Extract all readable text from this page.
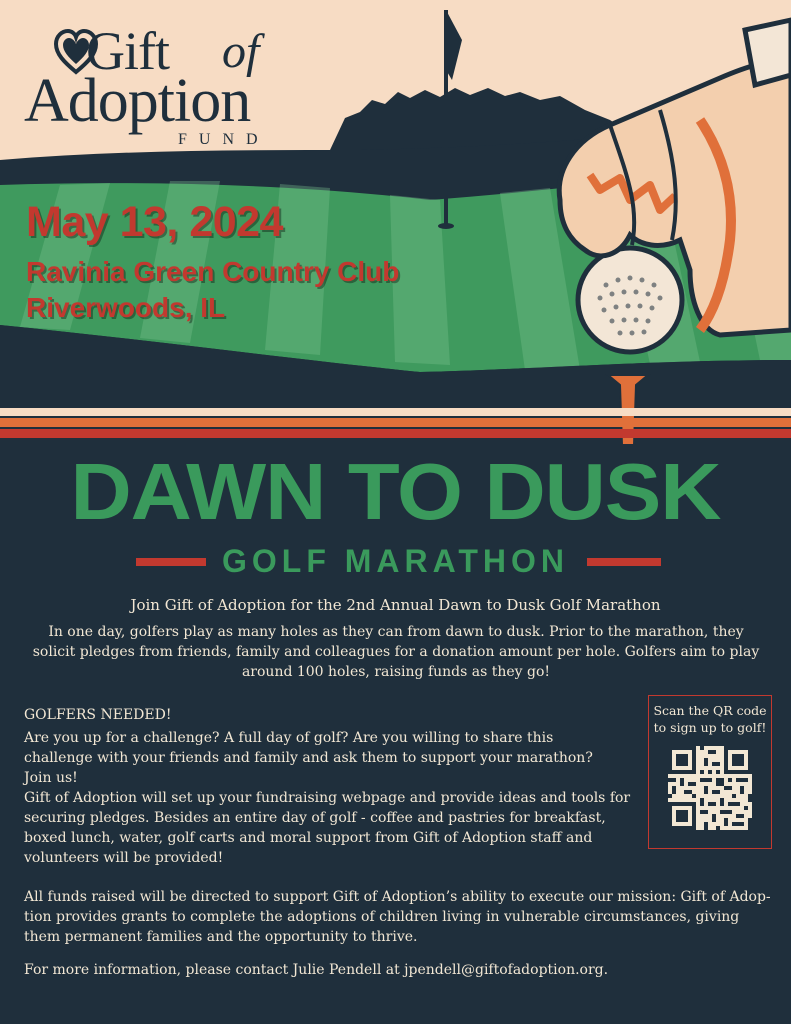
Gift of
Adoption
FUND
May 13, 2024
Ravinia Green Country Club
Riverwoods, IL
DAWN TO DUSK
GOLF MARATHON
Join Gift of Adoption for the 2nd Annual Dawn to Dusk Golf Marathon
In one day, golfers play as many holes as they can from dawn to dusk. Prior to the marathon, they solicit pledges from friends, family and colleagues for a donation amount per hole. Golfers aim to play around 100 holes, raising funds as they go!
GOLFERS NEEDED!
Are you up for a challenge? A full day of golf? Are you willing to share this challenge with your friends and family and ask them to support your marathon? Join us!
Gift of Adoption will set up your fundraising webpage and provide ideas and tools for securing pledges. Besides an entire day of golf - coffee and pastries for breakfast, boxed lunch, water, golf carts and moral support from Gift of Adoption staff and volunteers will be provided!
All funds raised will be directed to support Gift of Adoption’s ability to execute our mission: Gift of Adop-tion provides grants to complete the adoptions of children living in vulnerable circumstances, giving them permanent families and the opportunity to thrive.
For more information, please contact Julie Pendell at jpendell@giftofadoption.org.
Scan the QR code to sign up to golf!
